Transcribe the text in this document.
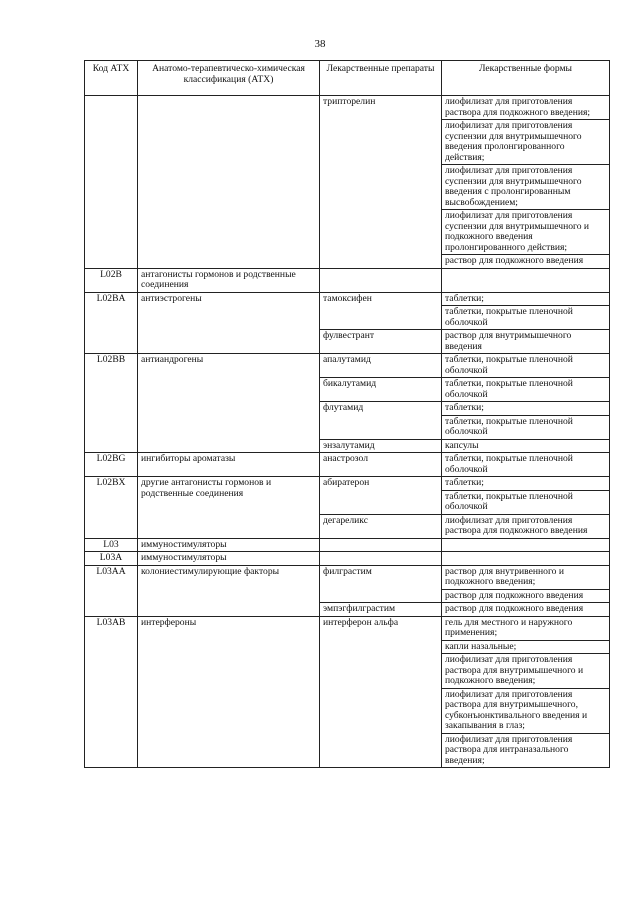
38
Код АТХ	Анатомо-терапевтическо-химическая классификация (АТХ)	Лекарственные препараты	Лекарственные формы
		трипторелин	лиофилизат для приготовления раствора для подкожного введения;
			лиофилизат для приготовления суспензии для внутримышечного введения пролонгированного действия;
			лиофилизат для приготовления суспензии для внутримышечного введения с пролонгированным высвобождением;
			лиофилизат для приготовления суспензии для внутримышечного и подкожного введения пролонгированного действия;
			раствор для подкожного введения
L02B	антагонисты гормонов и родственные соединения		
L02BA	антиэстрогены	тамоксифен	таблетки;
			таблетки, покрытые пленочной оболочкой
		фулвестрант	раствор для внутримышечного введения
L02BB	антиандрогены	апалутамид	таблетки, покрытые пленочной оболочкой
		бикалутамид	таблетки, покрытые пленочной оболочкой
		флутамид	таблетки;
			таблетки, покрытые пленочной оболочкой
		энзалутамид	капсулы
L02BG	ингибиторы ароматазы	анастрозол	таблетки, покрытые пленочной оболочкой
L02BX	другие антагонисты гормонов и родственные соединения	абиратерон	таблетки;
			таблетки, покрытые пленочной оболочкой
		дегареликс	лиофилизат для приготовления раствора для подкожного введения
L03	иммуностимуляторы		
L03A	иммуностимуляторы		
L03AA	колониестимулирующие факторы	филграстим	раствор для внутривенного и подкожного введения;
			раствор для подкожного введения
		эмпэгфилграстим	раствор для подкожного введения
L03AB	интерфероны	интерферон альфа	гель для местного и наружного применения;
			капли назальные;
			лиофилизат для приготовления раствора для внутримышечного и подкожного введения;
			лиофилизат для приготовления раствора для внутримышечного, субконъюнктивального введения и закапывания в глаз;
			лиофилизат для приготовления раствора для интраназального введения;
